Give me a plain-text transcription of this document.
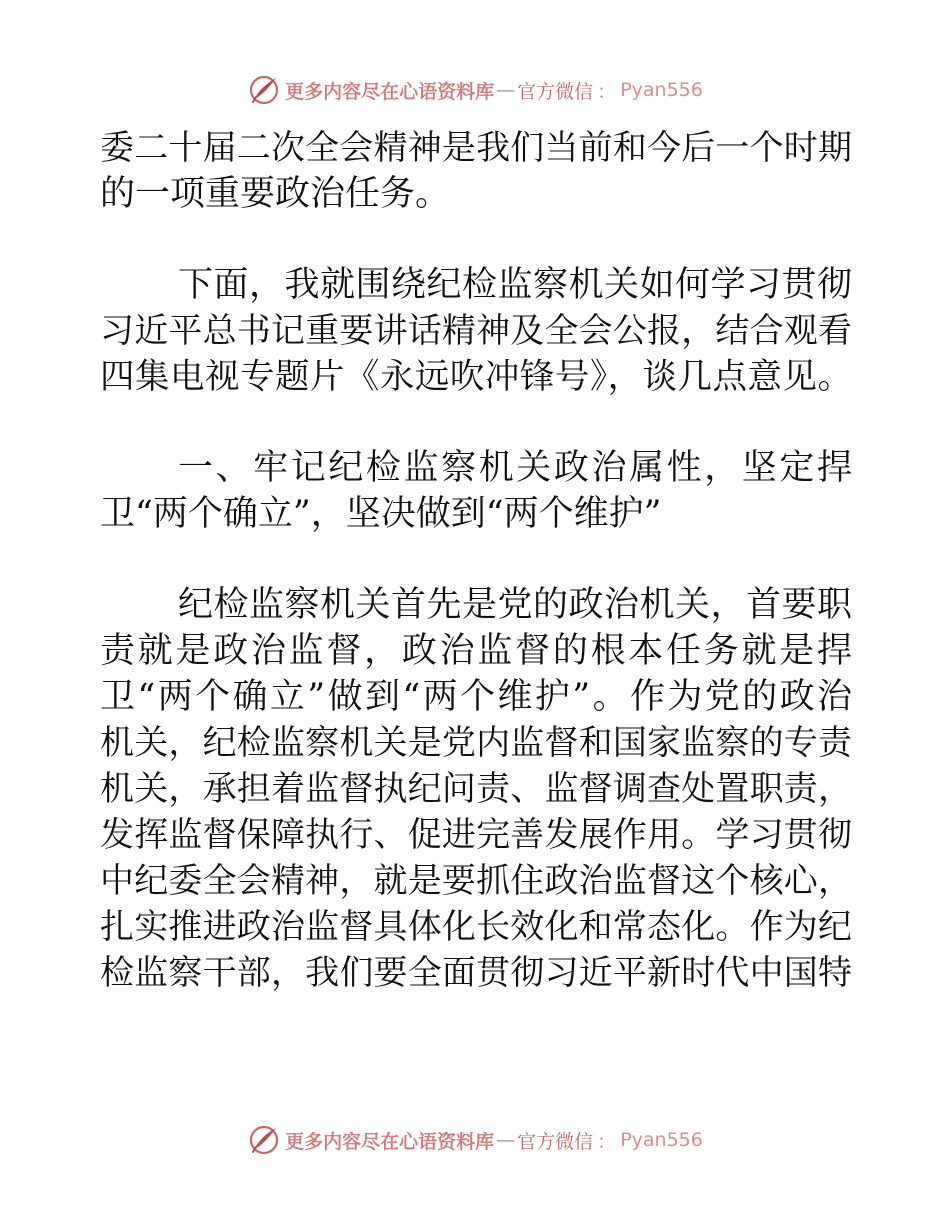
更多内容尽在心语资料库 — 官方微信 ： Pyan556
委二十届二次全会精神是我们当前和今后一个时期
的一项重要政治任务。
下面，我就围绕纪检监察机关如何学习贯彻
习近平总书记重要讲话精神及全会公报，结合观看
四集电视专题片《永远吹冲锋号》，谈几点意见。
一、牢记纪检监察机关政治属性，坚定捍
卫“两个确立”，坚决做到“两个维护”
纪检监察机关首先是党的政治机关，首要职
责就是政治监督，政治监督的根本任务就是捍
卫“两个确立”做到“两个维护”。作为党的政治
机关，纪检监察机关是党内监督和国家监察的专责
机关，承担着监督执纪问责、监督调查处置职责，
发挥监督保障执行、促进完善发展作用。学习贯彻
中纪委全会精神，就是要抓住政治监督这个核心，
扎实推进政治监督具体化长效化和常态化。作为纪
检监察干部，我们要全面贯彻习近平新时代中国特
更多内容尽在心语资料库 — 官方微信 ： Pyan556
